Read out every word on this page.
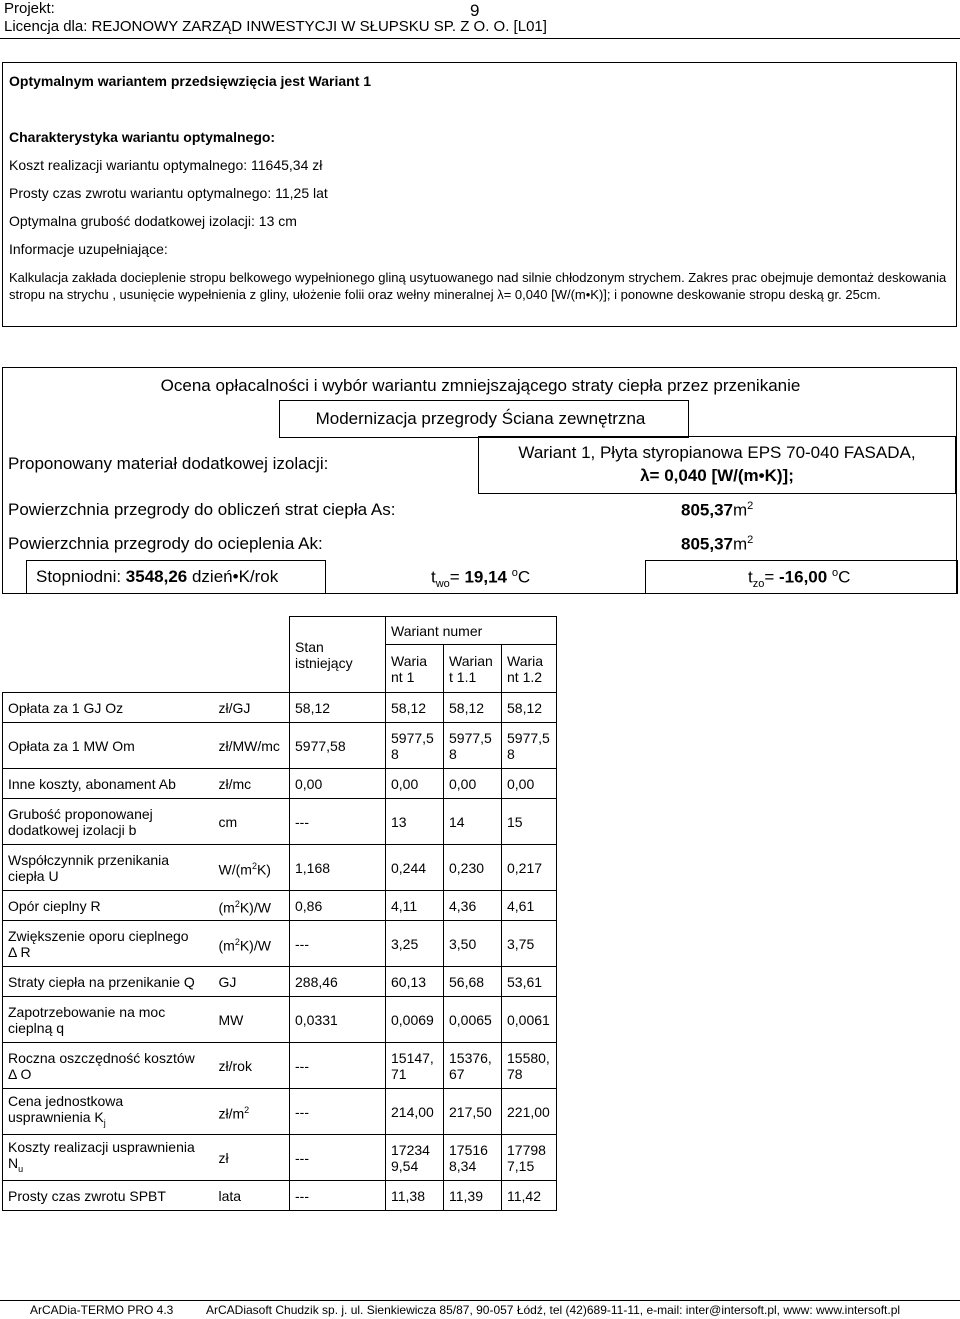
Projekt:	9
Licencja dla: REJONOWY ZARZĄD INWESTYCJI W SŁUPSKU SP. Z O. O. [L01]
Optymalnym wariantem przedsięwzięcia jest Wariant 1
Charakterystyka wariantu optymalnego:
Koszt realizacji wariantu optymalnego: 11645,34 zł
Prosty czas zwrotu wariantu optymalnego: 11,25 lat
Optymalna grubość dodatkowej izolacji: 13 cm
Informacje uzupełniające:
Kalkulacja zakłada docieplenie stropu belkowego wypełnionego gliną usytuowanego nad silnie chłodzonym strychem. Zakres prac obejmuje demontaż deskowania stropu na strychu , usunięcie wypełnienia z gliny, ułożenie folii oraz wełny mineralnej λ= 0,040 [W/(m•K)]; i ponowne deskowanie stropu deską gr. 25cm.
Ocena opłacalności i wybór wariantu zmniejszającego straty ciepła przez przenikanie
Modernizacja przegrody Ściana zewnętrzna
Proponowany materiał dodatkowej izolacji:
Wariant 1, Płyta styropianowa EPS 70-040 FASADA,
λ= 0,040 [W/(m•K)];
Powierzchnia przegrody do obliczeń strat ciepła As:	$805,37m^2$
Powierzchnia przegrody do ocieplenia Ak:	$805,37m^2$
Stopniodni: 3548,26 dzień•K/rok	$t_{wo}= 19,14$ $^o$C	$t_{zo}= -16,00$ $^o$C
		Stan istniejący	Wariant numer		
			Waria nt 1	Warian t 1.1	Waria nt 1.2
Opłata za 1 GJ Oz	zł/GJ	58,12	58,12	58,12	58,12
Opłata za 1 MW Om	zł/MW/mc	5977,58	5977,5 8	5977,5 8	5977,5 8
Inne koszty, abonament Ab	zł/mc	0,00	0,00	0,00	0,00
Grubość proponowanej dodatkowej izolacji b	cm	---	13	14	15
Współczynnik przenikania ciepła U	$W/(m^2K)$	1,168	0,244	0,230	0,217
Opór cieplny R	$(m^2K)/W$	0,86	4,11	4,36	4,61
Zwiększenie oporu cieplnego
Δ R	$(m^2K)/W$	---	3,25	3,50	3,75
Straty ciepła na przenikanie Q	GJ	288,46	60,13	56,68	53,61
Zapotrzebowanie na moc cieplną q	MW	0,0331	0,0069	0,0065	0,0061
Roczna oszczędność kosztów
Δ O	zł/rok	---	15147, 71	15376, 67	15580, 78
Cena jednostkowa usprawnienia $K_j$	$zł/m^2$	---	214,00	217,50	221,00
Koszty realizacji usprawnienia $N_u$	zł	---	17234 9,54	17516 8,34	17798 7,15
Prosty czas zwrotu SPBT	lata	---	11,38	11,39	11,42
ArCADia-TERMO PRO 4.3	ArCADiasoft Chudzik sp. j. ul. Sienkiewicza 85/87, 90-057 Łódź, tel (42)689-11-11, e-mail: inter@intersoft.pl, www: www.intersoft.pl
